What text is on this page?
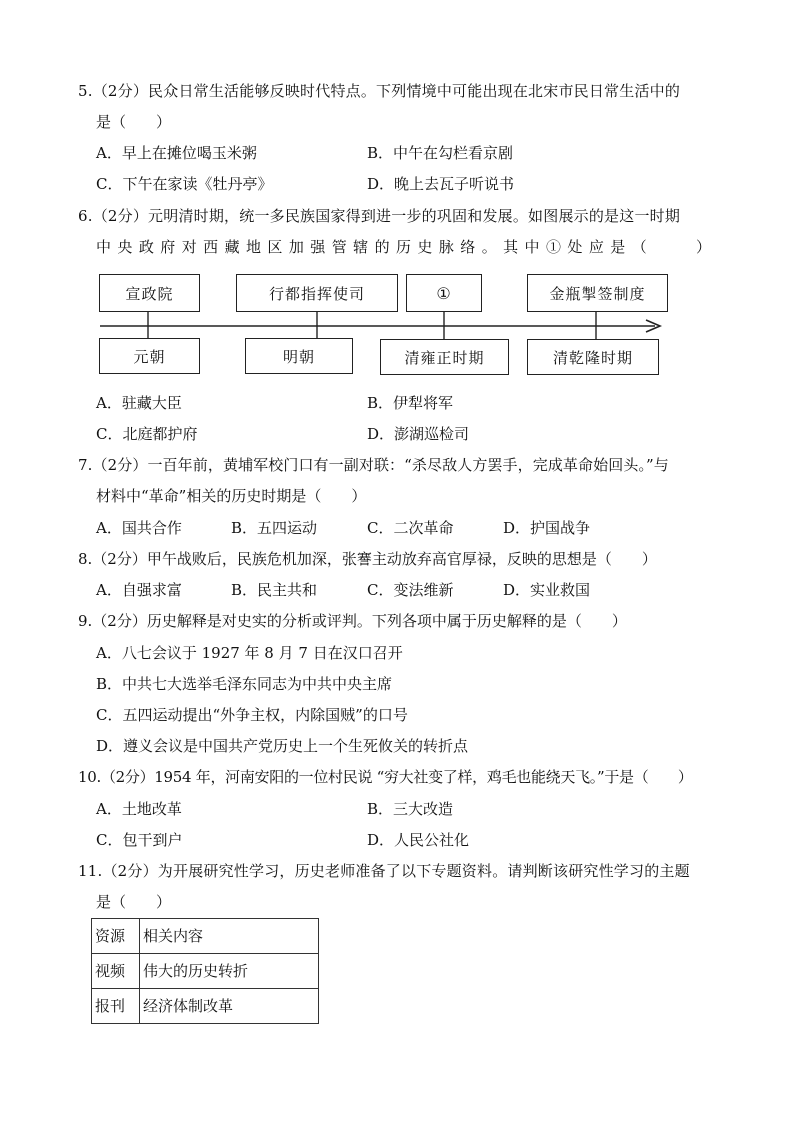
5.（2分）民众日常生活能够反映时代特点。下列情境中可能出现在北宋市民日常生活中的
是（　　）
A．早上在摊位喝玉米粥	B．中午在勾栏看京剧
C．下午在家读《牡丹亭》	D．晚上去瓦子听说书
6.（2分）元明清时期，统一多民族国家得到进一步的巩固和发展。如图展示的是这一时期
中央政府对西藏地区加强管辖的历史脉络。其中①处应是（　　）
宣政院	行都指挥使司	①	金瓶掣签制度
元朝	明朝	清雍正时期	清乾隆时期
A．驻藏大臣	B．伊犁将军
C．北庭都护府	D．澎湖巡检司
7.（2分）一百年前，黄埔军校门口有一副对联：“杀尽敌人方罢手，完成革命始回头。”与
材料中“革命”相关的历史时期是（　　）
A．国共合作	B．五四运动	C．二次革命	D．护国战争
8.（2分）甲午战败后，民族危机加深，张謇主动放弃高官厚禄，反映的思想是（　　）
A．自强求富	B．民主共和	C．变法维新	D．实业救国
9.（2分）历史解释是对史实的分析或评判。下列各项中属于历史解释的是（　　）
A．八七会议于 1927 年 8 月 7 日在汉口召开
B．中共七大选举毛泽东同志为中共中央主席
C．五四运动提出“外争主权，内除国贼”的口号
D．遵义会议是中国共产党历史上一个生死攸关的转折点
10.（2分）1954 年，河南安阳的一位村民说 “穷大社变了样，鸡毛也能绕天飞。”于是（　　）
A．土地改革	B．三大改造
C．包干到户	D．人民公社化
11.（2分）为开展研究性学习，历史老师准备了以下专题资料。请判断该研究性学习的主题
是（　　）
资源	相关内容
视频	伟大的历史转折
报刊	经济体制改革
